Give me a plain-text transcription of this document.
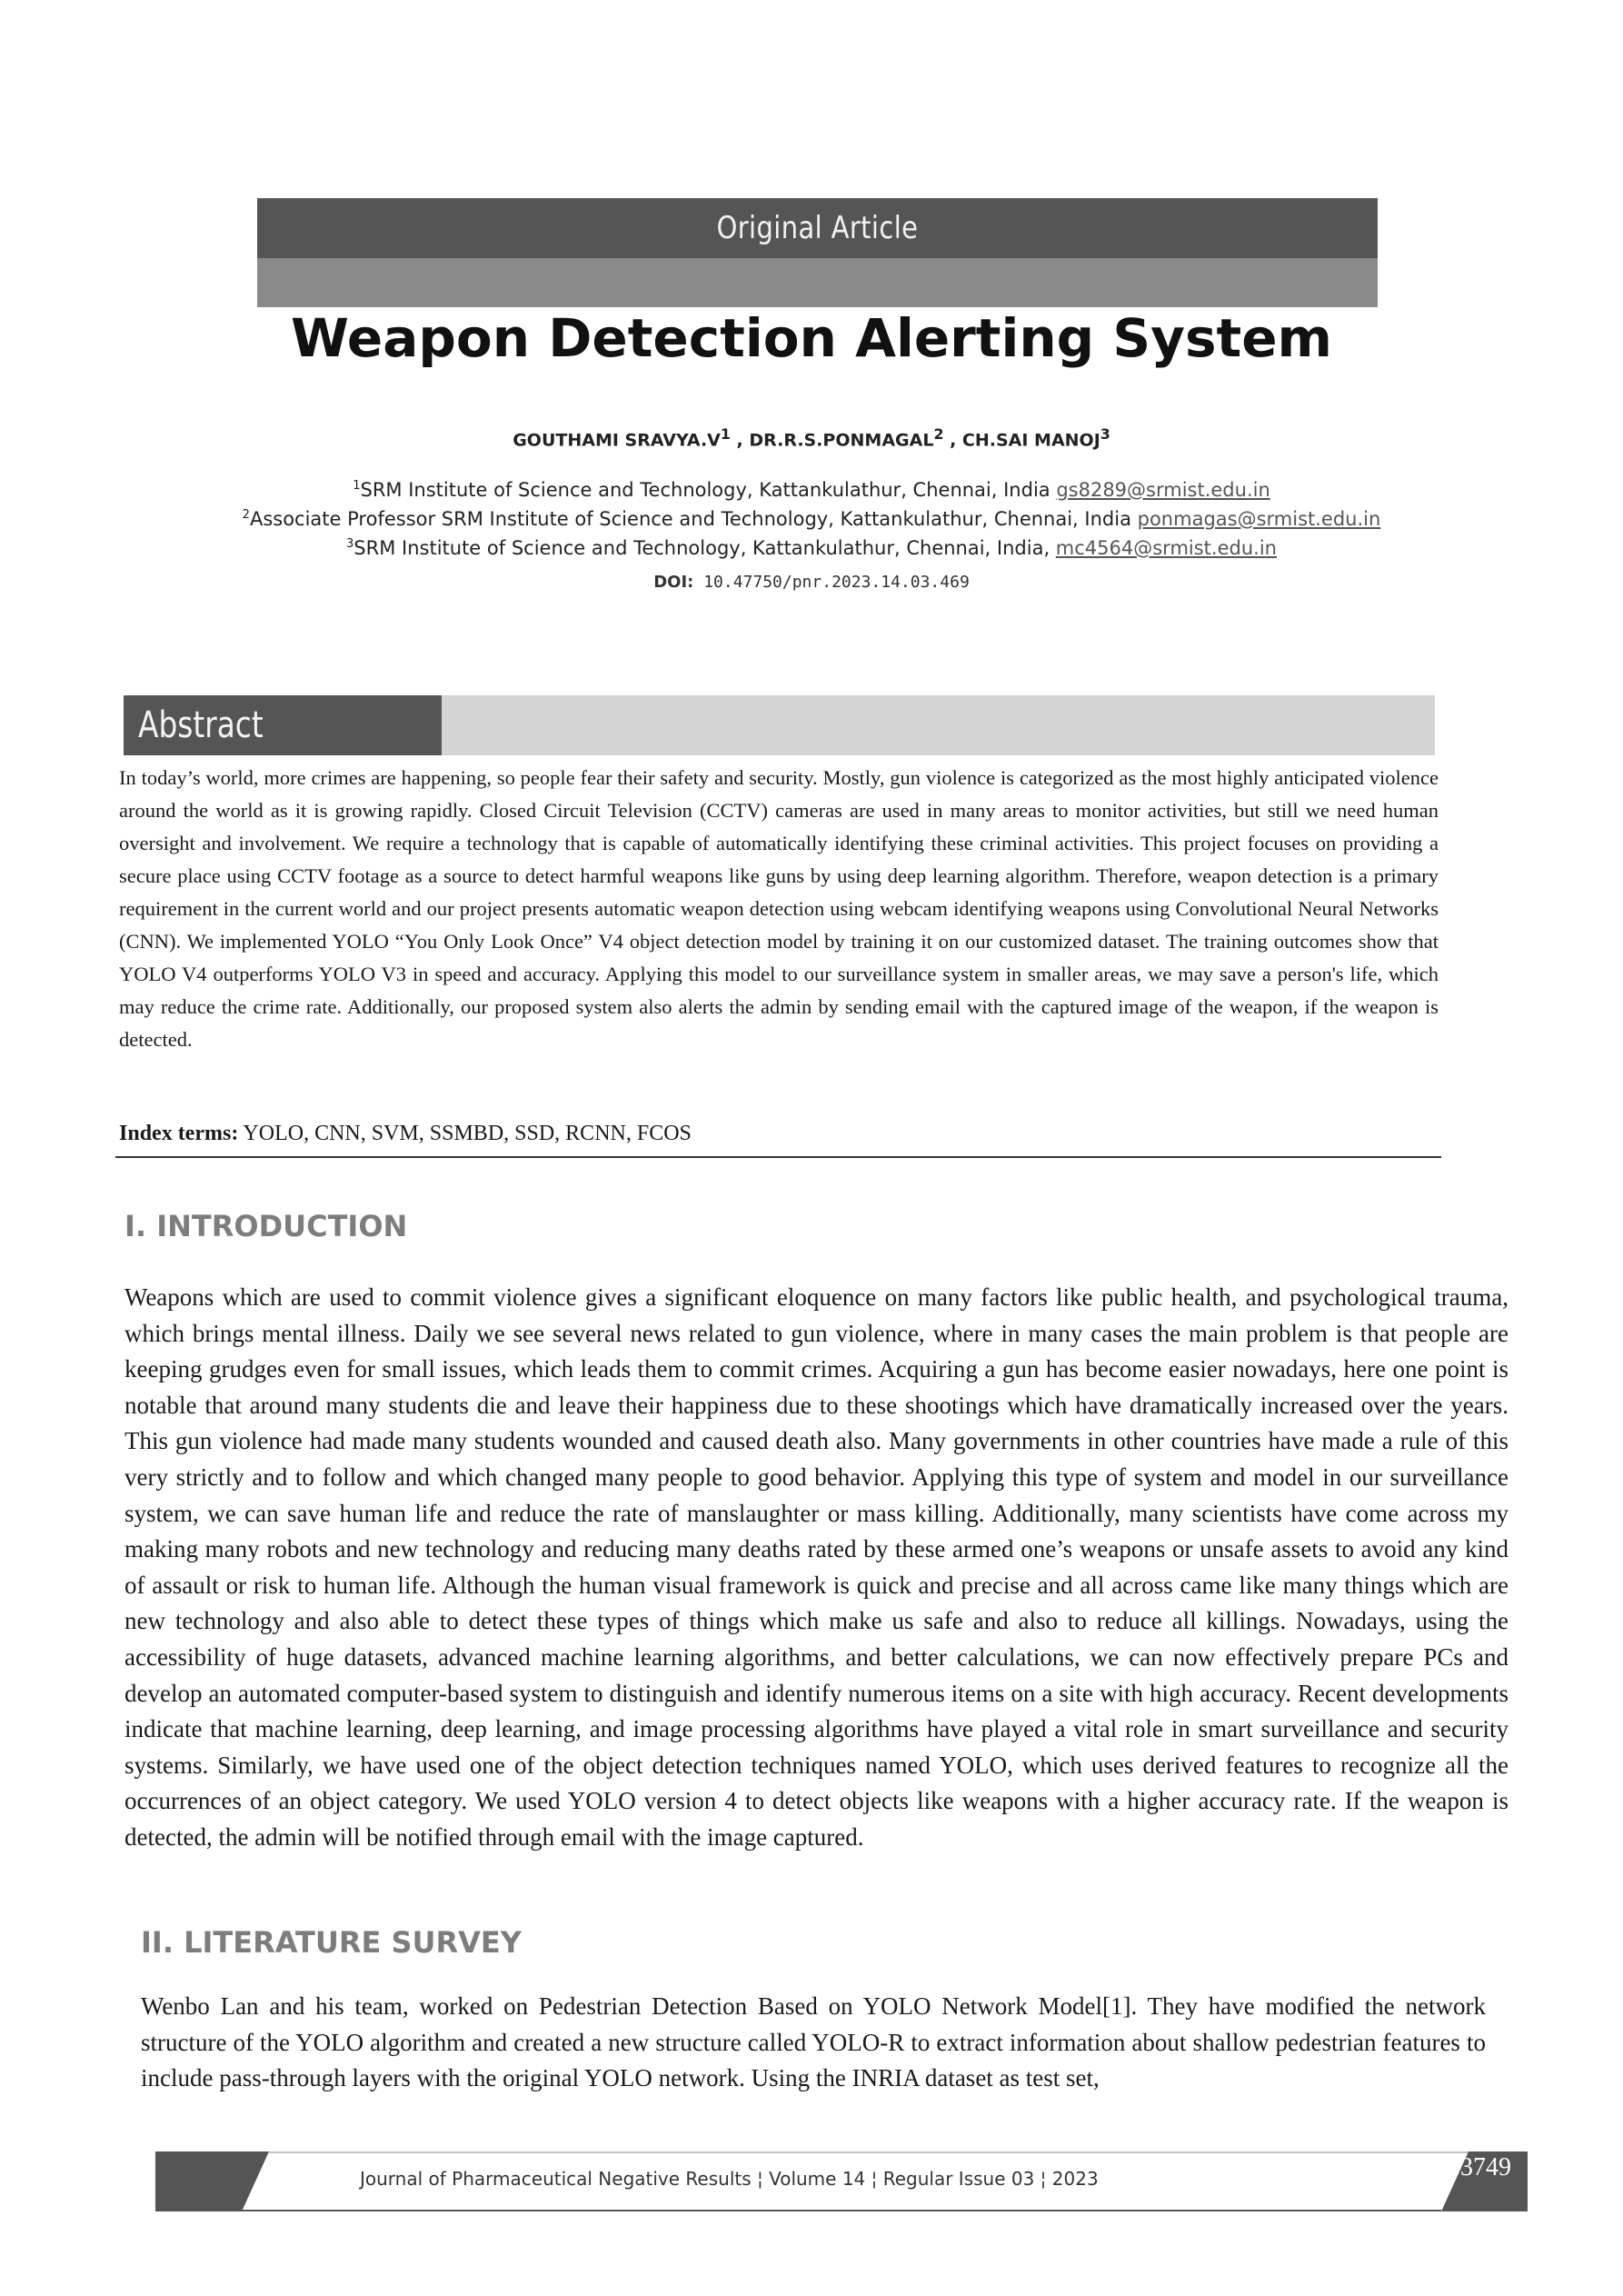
Original Article
Weapon Detection Alerting System
GOUTHAMI $SRAVYA.V^1$ , DR.R.S.PONMAGAL$^2$ , CH.SAI MANOJ$^3$
$^1$SRM Institute of Science and Technology, Kattankulathur, Chennai, India gs8289@srmist.edu.in
$^2$Associate Professor SRM Institute of Science and Technology, Kattankulathur, Chennai, India ponmagas@srmist.edu.in
$^3$SRM Institute of Science and Technology, Kattankulathur, Chennai, India, mc4564@srmist.edu.in
DOI: 10.47750/pnr.2023.14.03.469
Abstract
In today’s world, more crimes are happening, so people fear their safety and security. Mostly, gun violence is categorized as the most highly anticipated violence around the world as it is growing rapidly. Closed Circuit Television (CCTV) cameras are used in many areas to monitor activities, but still we need human oversight and involvement. We require a technology that is capable of automatically identifying these criminal activities. This project focuses on providing a secure place using CCTV footage as a source to detect harmful weapons like guns by using deep learning algorithm. Therefore, weapon detection is a primary requirement in the current world and our project presents automatic weapon detection using webcam identifying weapons using Convolutional Neural Networks (CNN). We implemented YOLO “You Only Look Once” V4 object detection model by training it on our customized dataset. The training outcomes show that YOLO V4 outperforms YOLO V3 in speed and accuracy. Applying this model to our surveillance system in smaller areas, we may save a person's life, which may reduce the crime rate. Additionally, our proposed system also alerts the admin by sending email with the captured image of the weapon, if the weapon is detected.
Index terms: YOLO, CNN, SVM, SSMBD, SSD, RCNN, FCOS
I. INTRODUCTION
Weapons which are used to commit violence gives a significant eloquence on many factors like public health, and psychological trauma, which brings mental illness. Daily we see several news related to gun violence, where in many cases the main problem is that people are keeping grudges even for small issues, which leads them to commit crimes. Acquiring a gun has become easier nowadays, here one point is notable that around many students die and leave their happiness due to these shootings which have dramatically increased over the years. This gun violence had made many students wounded and caused death also. Many governments in other countries have made a rule of this very strictly and to follow and which changed many people to good behavior. Applying this type of system and model in our surveillance system, we can save human life and reduce the rate of manslaughter or mass killing. Additionally, many scientists have come across my making many robots and new technology and reducing many deaths rated by these armed one’s weapons or unsafe assets to avoid any kind of assault or risk to human life. Although the human visual framework is quick and precise and all across came like many things which are new technology and also able to detect these types of things which make us safe and also to reduce all killings. Nowadays, using the accessibility of huge datasets, advanced machine learning algorithms, and better calculations, we can now effectively prepare PCs and develop an automated computer-based system to distinguish and identify numerous items on a site with high accuracy. Recent developments indicate that machine learning, deep learning, and image processing algorithms have played a vital role in smart surveillance and security systems. Similarly, we have used one of the object detection techniques named YOLO, which uses derived features to recognize all the occurrences of an object category. We used YOLO version 4 to detect objects like weapons with a higher accuracy rate. If the weapon is detected, the admin will be notified through email with the image captured.
II. LITERATURE SURVEY
Wenbo Lan and his team, worked on Pedestrian Detection Based on YOLO Network Model[1]. They have modified the network structure of the YOLO algorithm and created a new structure called YOLO-R to extract information about shallow pedestrian features to include pass-through layers with the original YOLO network. Using the INRIA dataset as test set,
Journal of Pharmaceutical Negative Results ¦ Volume 14 ¦ Regular Issue 03 ¦ 2023	3749
